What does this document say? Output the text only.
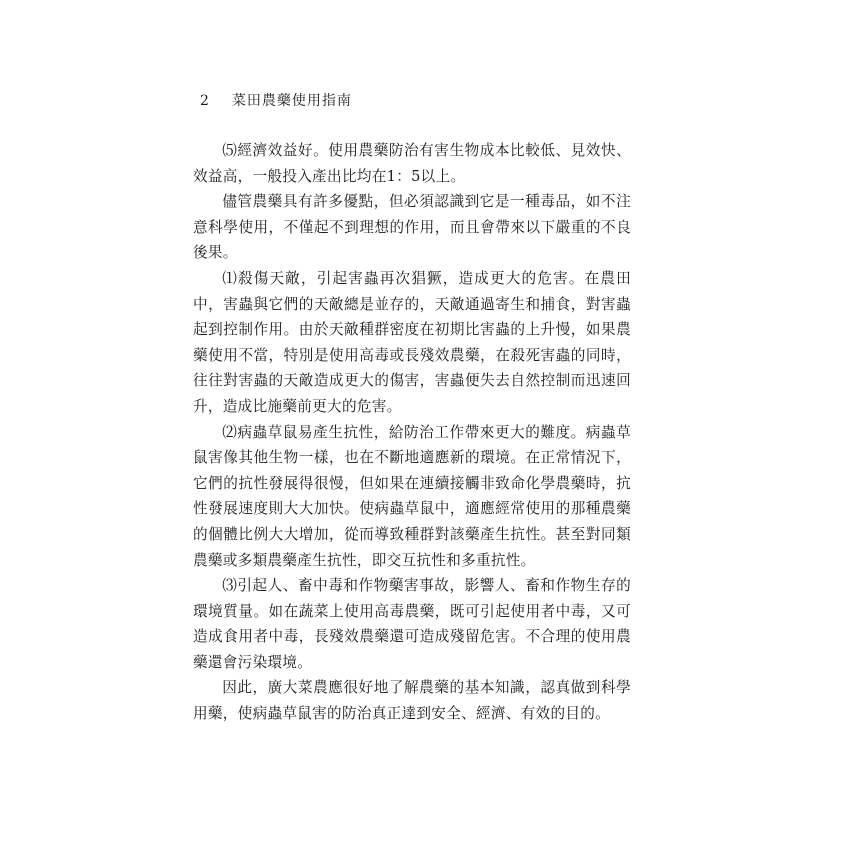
2 菜田農藥使用指南

⑸經濟效益好。使用農藥防治有害生物成本比較低、見效快、效益高，一般投入產出比均在1：5以上。

儘管農藥具有許多優點，但必須認識到它是一種毒品，如不注意科學使用，不僅起不到理想的作用，而且會帶來以下嚴重的不良後果。

⑴殺傷天敵，引起害蟲再次猖獗，造成更大的危害。在農田中，害蟲與它們的天敵總是並存的，天敵通過寄生和捕食，對害蟲起到控制作用。由於天敵種群密度在初期比害蟲的上升慢，如果農藥使用不當，特別是使用高毒或長殘效農藥，在殺死害蟲的同時，往往對害蟲的天敵造成更大的傷害，害蟲便失去自然控制而迅速回升，造成比施藥前更大的危害。

⑵病蟲草鼠易產生抗性，給防治工作帶來更大的難度。病蟲草鼠害像其他生物一樣，也在不斷地適應新的環境。在正常情況下，它們的抗性發展得很慢，但如果在連續接觸非致命化學農藥時，抗性發展速度則大大加快。使病蟲草鼠中，適應經常使用的那種農藥的個體比例大大增加，從而導致種群對該藥產生抗性。甚至對同類農藥或多類農藥產生抗性，即交互抗性和多重抗性。

⑶引起人、畜中毒和作物藥害事故，影響人、畜和作物生存的環境質量。如在蔬菜上使用高毒農藥，既可引起使用者中毒，又可造成食用者中毒，長殘效農藥還可造成殘留危害。不合理的使用農藥還會污染環境。

因此，廣大菜農應很好地了解農藥的基本知識，認真做到科學用藥，使病蟲草鼠害的防治真正達到安全、經濟、有效的目的。
